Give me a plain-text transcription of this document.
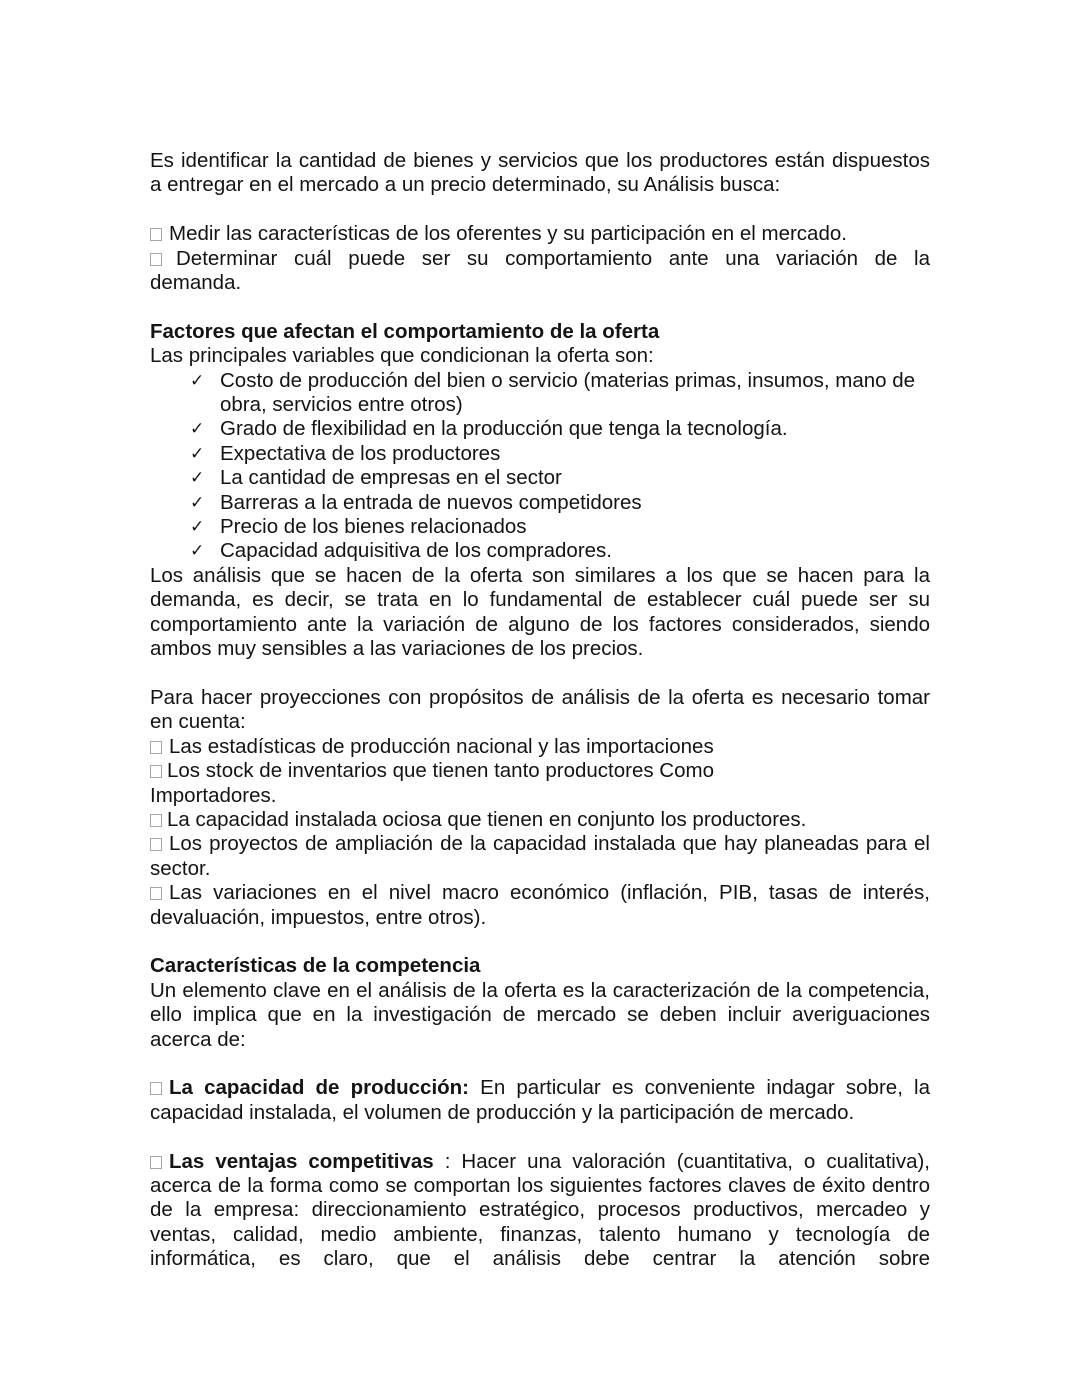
Es identificar la cantidad de bienes y servicios que los productores están dispuestos a entregar en el mercado a un precio determinado, su Análisis busca:

Medir las características de los oferentes y su participación en el mercado.

Determinar cuál puede ser su comportamiento ante una variación de la demanda.

Factores que afectan el comportamiento de la oferta

Las principales variables que condicionan la oferta son:

✓ Costo de producción del bien o servicio (materias primas, insumos, mano de obra, servicios entre otros)
✓ Grado de flexibilidad en la producción que tenga la tecnología.
✓ Expectativa de los productores
✓ La cantidad de empresas en el sector
✓ Barreras a la entrada de nuevos competidores
✓ Precio de los bienes relacionados
✓ Capacidad adquisitiva de los compradores.

Los análisis que se hacen de la oferta son similares a los que se hacen para la demanda, es decir, se trata en lo fundamental de establecer cuál puede ser su comportamiento ante la variación de alguno de los factores considerados, siendo ambos muy sensibles a las variaciones de los precios.

Para hacer proyecciones con propósitos de análisis de la oferta es necesario tomar en cuenta:

Las estadísticas de producción nacional y las importaciones

Los stock de inventarios que tienen tanto productores Como

Importadores.

La capacidad instalada ociosa que tienen en conjunto los productores.

Los proyectos de ampliación de la capacidad instalada que hay planeadas para el sector.

Las variaciones en el nivel macro económico (inflación, PIB, tasas de interés, devaluación, impuestos, entre otros).

Características de la competencia

Un elemento clave en el análisis de la oferta es la caracterización de la competencia, ello implica que en la investigación de mercado se deben incluir averiguaciones acerca de:

La capacidad de producción: En particular es conveniente indagar sobre, la capacidad instalada, el volumen de producción y la participación de mercado.

Las ventajas competitivas : Hacer una valoración (cuantitativa, o cualitativa), acerca de la forma como se comportan los siguientes factores claves de éxito dentro de la empresa: direccionamiento estratégico, procesos productivos, mercadeo y ventas, calidad, medio ambiente, finanzas, talento humano y tecnología de informática, es claro, que el análisis debe centrar la atención sobre
